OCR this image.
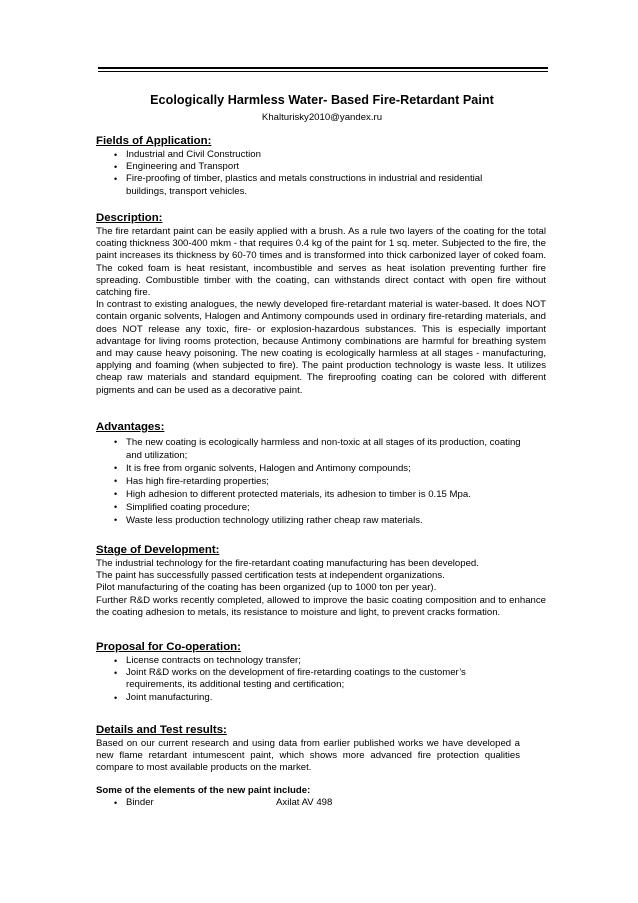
Ecologically Harmless Water- Based Fire-Retardant Paint
Khalturisky2010@yandex.ru
Fields of Application:
• Industrial and Civil Construction
• Engineering and Transport
• Fire-proofing of timber, plastics and metals constructions in industrial and residential buildings, transport vehicles.
Description:

The fire retardant paint can be easily applied with a brush. As a rule two layers of the coating for the total coating thickness 300-400 mkm - that requires 0.4 kg of the paint for 1 sq. meter. Subjected to the fire, the paint increases its thickness by 60-70 times and is transformed into thick carbonized layer of coked foam. The coked foam is heat resistant, incombustible and serves as heat isolation preventing further fire spreading. Combustible timber with the coating, can withstands direct contact with open fire without catching fire.

In contrast to existing analogues, the newly developed fire-retardant material is water-based. It does NOT contain organic solvents, Halogen and Antimony compounds used in ordinary fire-retarding materials, and does NOT release any toxic, fire- or explosion-hazardous substances. This is especially important advantage for living rooms protection, because Antimony combinations are harmful for breathing system and may cause heavy poisoning. The new coating is ecologically harmless at all stages - manufacturing, applying and foaming (when subjected to fire). The paint production technology is waste less. It utilizes cheap raw materials and standard equipment. The fireproofing coating can be colored with different pigments and can be used as a decorative paint.

Advantages:
• The new coating is ecologically harmless and non-toxic at all stages of its production, coating and utilization;
• It is free from organic solvents, Halogen and Antimony compounds;
• Has high fire-retarding properties;
• High adhesion to different protected materials, its adhesion to timber is 0.15 Mpa.
• Simplified coating procedure;
• Waste less production technology utilizing rather cheap raw materials.
Stage of Development:

The industrial technology for the fire-retardant coating manufacturing has been developed.

The paint has successfully passed certification tests at independent organizations.

Pilot manufacturing of the coating has been organized (up to 1000 ton per year).

Further R&D works recently completed, allowed to improve the basic coating composition and to enhance the coating adhesion to metals, its resistance to moisture and light, to prevent cracks formation.

Proposal for Co-operation:
• License contracts on technology transfer;
• Joint R&D works on the development of fire-retarding coatings to the customer’s requirements, its additional testing and certification;
• Joint manufacturing.
Details and Test results:

Based on our current research and using data from earlier published works we have developed a new flame retardant intumescent paint, which shows more advanced fire protection qualities compare to most available products on the market.

Some of the elements of the new paint include:
• Binder	Axilat AV 498
